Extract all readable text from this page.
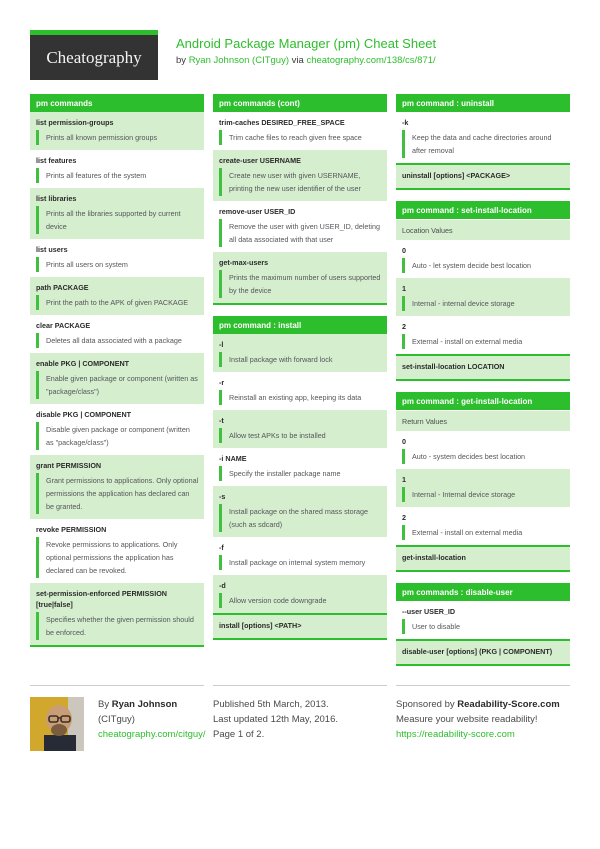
Cheatography
Android Package Manager (pm) Cheat Sheet
by Ryan Johnson (CITguy) via cheatography.com/138/cs/871/
pm commands
list permission-groups
Prints all known permission groups
list features
Prints all features of the system
list libraries
Prints all the libraries supported by current device
list users
Prints all users on system
path PACKAGE
Print the path to the APK of given PACKAGE
clear PACKAGE
Deletes all data associated with a package
enable PKG | COMPONENT
Enable given package or component (written as "package/class")
disable PKG | COMPONENT
Disable given package or component (written as "package/class")
grant PERMISSION
Grant permissions to applications. Only optional permissions the application has declared can be granted.
revoke PERMISSION
Revoke permissions to applications. Only optional permissions the application has declared can be revoked.
set-permission-enforced PERMISSION [true|false]
Specifies whether the given permission should be enforced.
pm commands (cont)
trim-caches DESIRED_FREE_SPACE
Trim cache files to reach given free space
create-user USERNAME
Create new user with given USERNAME, printing the new user identifier of the user
remove-user USER_ID
Remove the user with given USER_ID, deleting all data associated with that user
get-max-users
Prints the maximum number of users supported by the device
pm command : install
-l
Install package with forward lock
-r
Reinstall an existing app, keeping its data
-t
Allow test APKs to be installed
-i NAME
Specify the installer package name
-s
Install package on the shared mass storage (such as sdcard)
-f
Install package on internal system memory
-d
Allow version code downgrade
install [options] <PATH>
pm command : uninstall
-k
Keep the data and cache directories around after removal
uninstall [options] <PACKAGE>
pm command : set-install-location
Location Values
0
Auto - let system decide best location
1
Internal - internal device storage
2
External - install on external media
set-install-location LOCATION
pm command : get-install-location
Return Values
0
Auto - system decides best location
1
Internal - Internal device storage
2
External - install on external media
get-install-location
pm commands : disable-user
--user USER_ID
User to disable
disable-user [options] (PKG | COMPONENT)
By Ryan Johnson (CITguy)
cheatography.com/citguy/
Published 5th March, 2013.
Last updated 12th May, 2016.
Page 1 of 2.
Sponsored by Readability-Score.com
Measure your website readability!
https://readability-score.com
